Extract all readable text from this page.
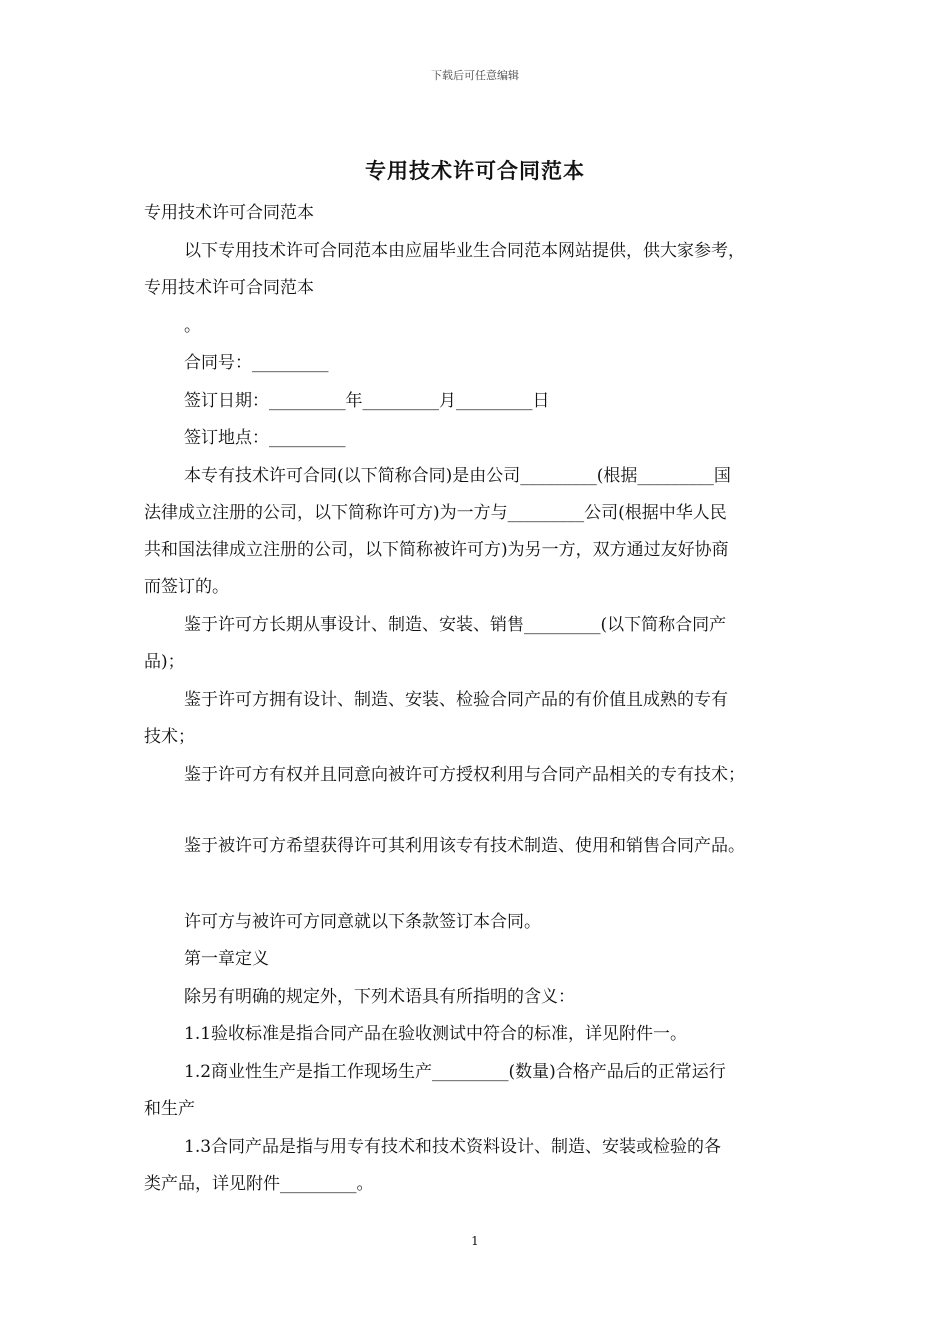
下载后可任意编辑
专用技术许可合同范本
专用技术许可合同范本
以下专用技术许可合同范本由应届毕业生合同范本网站提供，供大家参考，
专用技术许可合同范本
。
合同号：_________
签订日期：_________年_________月_________日
签订地点：_________
本专有技术许可合同(以下简称合同)是由公司_________(根据_________国
法律成立注册的公司，以下简称许可方)为一方与_________公司(根据中华人民
共和国法律成立注册的公司，以下简称被许可方)为另一方，双方通过友好协商
而签订的。
鉴于许可方长期从事设计、制造、安装、销售_________(以下简称合同产
品)；
鉴于许可方拥有设计、制造、安装、检验合同产品的有价值且成熟的专有
技术；
鉴于许可方有权并且同意向被许可方授权利用与合同产品相关的专有技术；
鉴于被许可方希望获得许可其利用该专有技术制造、使用和销售合同产品。
许可方与被许可方同意就以下条款签订本合同。
第一章定义
除另有明确的规定外，下列术语具有所指明的含义：
1.1验收标准是指合同产品在验收测试中符合的标准，详见附件一。
1.2商业性生产是指工作现场生产_________(数量)合格产品后的正常运行
和生产
1.3合同产品是指与用专有技术和技术资料设计、制造、安装或检验的各
类产品，详见附件_________。
1
